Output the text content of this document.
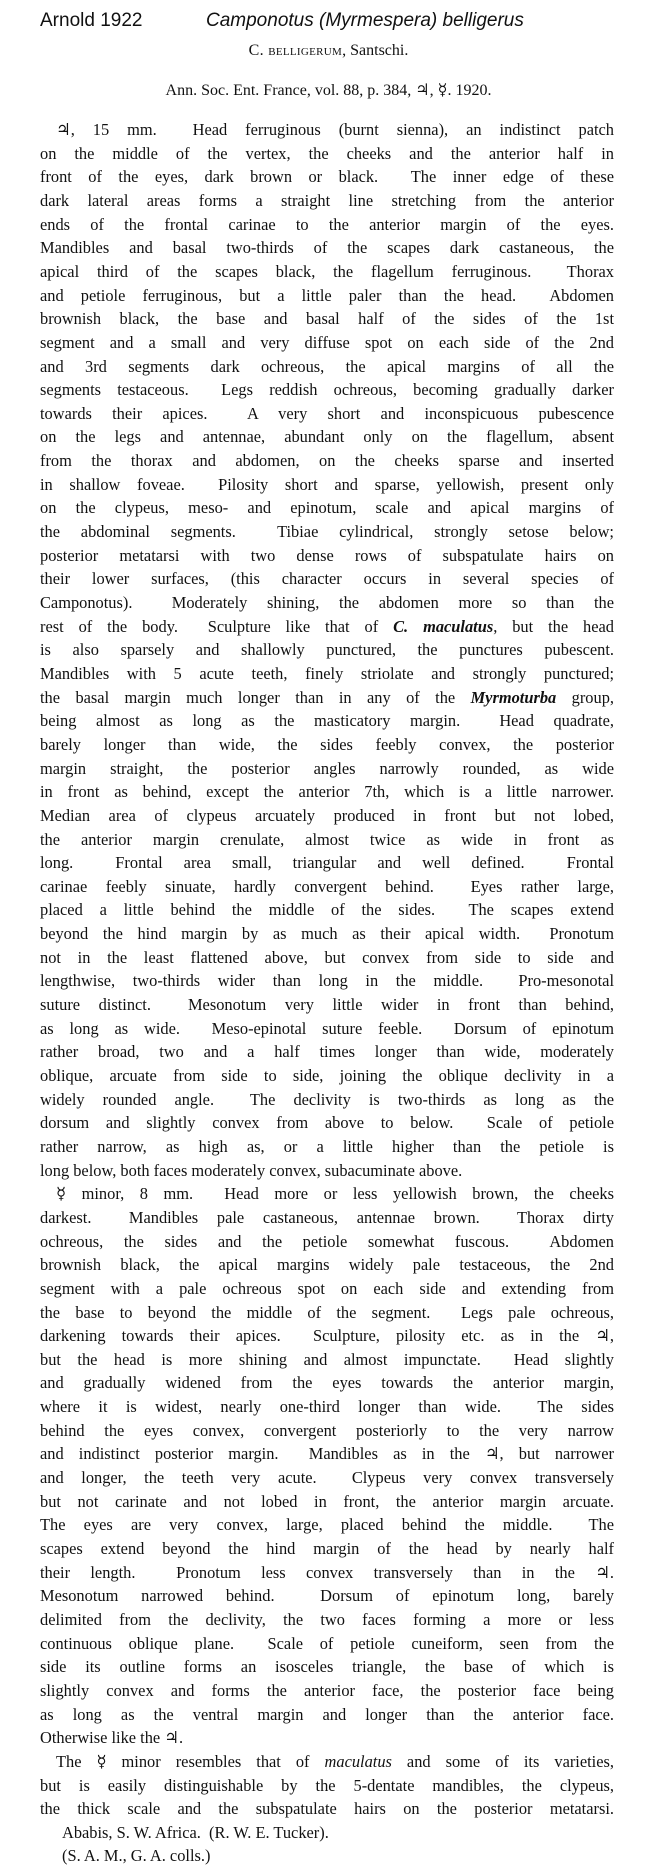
Arnold 1922	Camponotus (Myrmespera) belligerus
C. belligerum, Santschi.
Ann. Soc. Ent. France, vol. 88, p. 384, ♃, ☿. 1920.
♃, 15 mm.  Head ferruginous (burnt sienna), an indistinct patch
on the middle of the vertex, the cheeks and the anterior half in
front of the eyes, dark brown or black.  The inner edge of these
dark lateral areas forms a straight line stretching from the anterior
ends of the frontal carinae to the anterior margin of the eyes.
Mandibles and basal two-thirds of the scapes dark castaneous, the
apical third of the scapes black, the flagellum ferruginous.  Thorax
and petiole ferruginous, but a little paler than the head.  Abdomen
brownish black, the base and basal half of the sides of the 1st
segment and a small and very diffuse spot on each side of the 2nd
and 3rd segments dark ochreous, the apical margins of all the
segments testaceous.  Legs reddish ochreous, becoming gradually darker
towards their apices.  A very short and inconspicuous pubescence
on the legs and antennae, abundant only on the flagellum, absent
from the thorax and abdomen, on the cheeks sparse and inserted
in shallow foveae.  Pilosity short and sparse, yellowish, present only
on the clypeus, meso- and epinotum, scale and apical margins of
the abdominal segments.  Tibiae cylindrical, strongly setose below;
posterior metatarsi with two dense rows of subspatulate hairs on
their lower surfaces, (this character occurs in several species of
Camponotus).  Moderately shining, the abdomen more so than the
rest of the body.  Sculpture like that of C. maculatus, but the head
is also sparsely and shallowly punctured, the punctures pubescent.
Mandibles with 5 acute teeth, finely striolate and strongly punctured;
the basal margin much longer than in any of the Myrmoturba group,
being almost as long as the masticatory margin.  Head quadrate,
barely longer than wide, the sides feebly convex, the posterior
margin straight, the posterior angles narrowly rounded, as wide
in front as behind, except the anterior 7th, which is a little narrower.
Median area of clypeus arcuately produced in front but not lobed,
the anterior margin crenulate, almost twice as wide in front as
long.  Frontal area small, triangular and well defined.  Frontal
carinae feebly sinuate, hardly convergent behind.  Eyes rather large,
placed a little behind the middle of the sides.  The scapes extend
beyond the hind margin by as much as their apical width.  Pronotum
not in the least flattened above, but convex from side to side and
lengthwise, two-thirds wider than long in the middle.  Pro-mesonotal
suture distinct.  Mesonotum very little wider in front than behind,
as long as wide.  Meso-epinotal suture feeble.  Dorsum of epinotum
rather broad, two and a half times longer than wide, moderately
oblique, arcuate from side to side, joining the oblique declivity in a
widely rounded angle.  The declivity is two-thirds as long as the
dorsum and slightly convex from above to below.  Scale of petiole
rather narrow, as high as, or a little higher than the petiole is
long below, both faces moderately convex, subacuminate above.
☿ minor, 8 mm.  Head more or less yellowish brown, the cheeks
darkest.  Mandibles pale castaneous, antennae brown.  Thorax dirty
ochreous, the sides and the petiole somewhat fuscous.  Abdomen
brownish black, the apical margins widely pale testaceous, the 2nd
segment with a pale ochreous spot on each side and extending from
the base to beyond the middle of the segment.  Legs pale ochreous,
darkening towards their apices.  Sculpture, pilosity etc. as in the ♃,
but the head is more shining and almost impunctate.  Head slightly
and gradually widened from the eyes towards the anterior margin,
where it is widest, nearly one-third longer than wide.  The sides
behind the eyes convex, convergent posteriorly to the very narrow
and indistinct posterior margin.  Mandibles as in the ♃, but narrower
and longer, the teeth very acute.  Clypeus very convex transversely
but not carinate and not lobed in front, the anterior margin arcuate.
The eyes are very convex, large, placed behind the middle.  The
scapes extend beyond the hind margin of the head by nearly half
their length.  Pronotum less convex transversely than in the ♃.
Mesonotum narrowed behind.  Dorsum of epinotum long, barely
delimited from the declivity, the two faces forming a more or less
continuous oblique plane.  Scale of petiole cuneiform, seen from the
side its outline forms an isosceles triangle, the base of which is
slightly convex and forms the anterior face, the posterior face being
as long as the ventral margin and longer than the anterior face.
Otherwise like the ♃.
The ☿ minor resembles that of maculatus and some of its varieties,
but is easily distinguishable by the 5-dentate mandibles, the clypeus,
the thick scale and the subspatulate hairs on the posterior metatarsi.
Ababis, S. W. Africa.  (R. W. E. Tucker).
(S. A. M., G. A. colls.)
